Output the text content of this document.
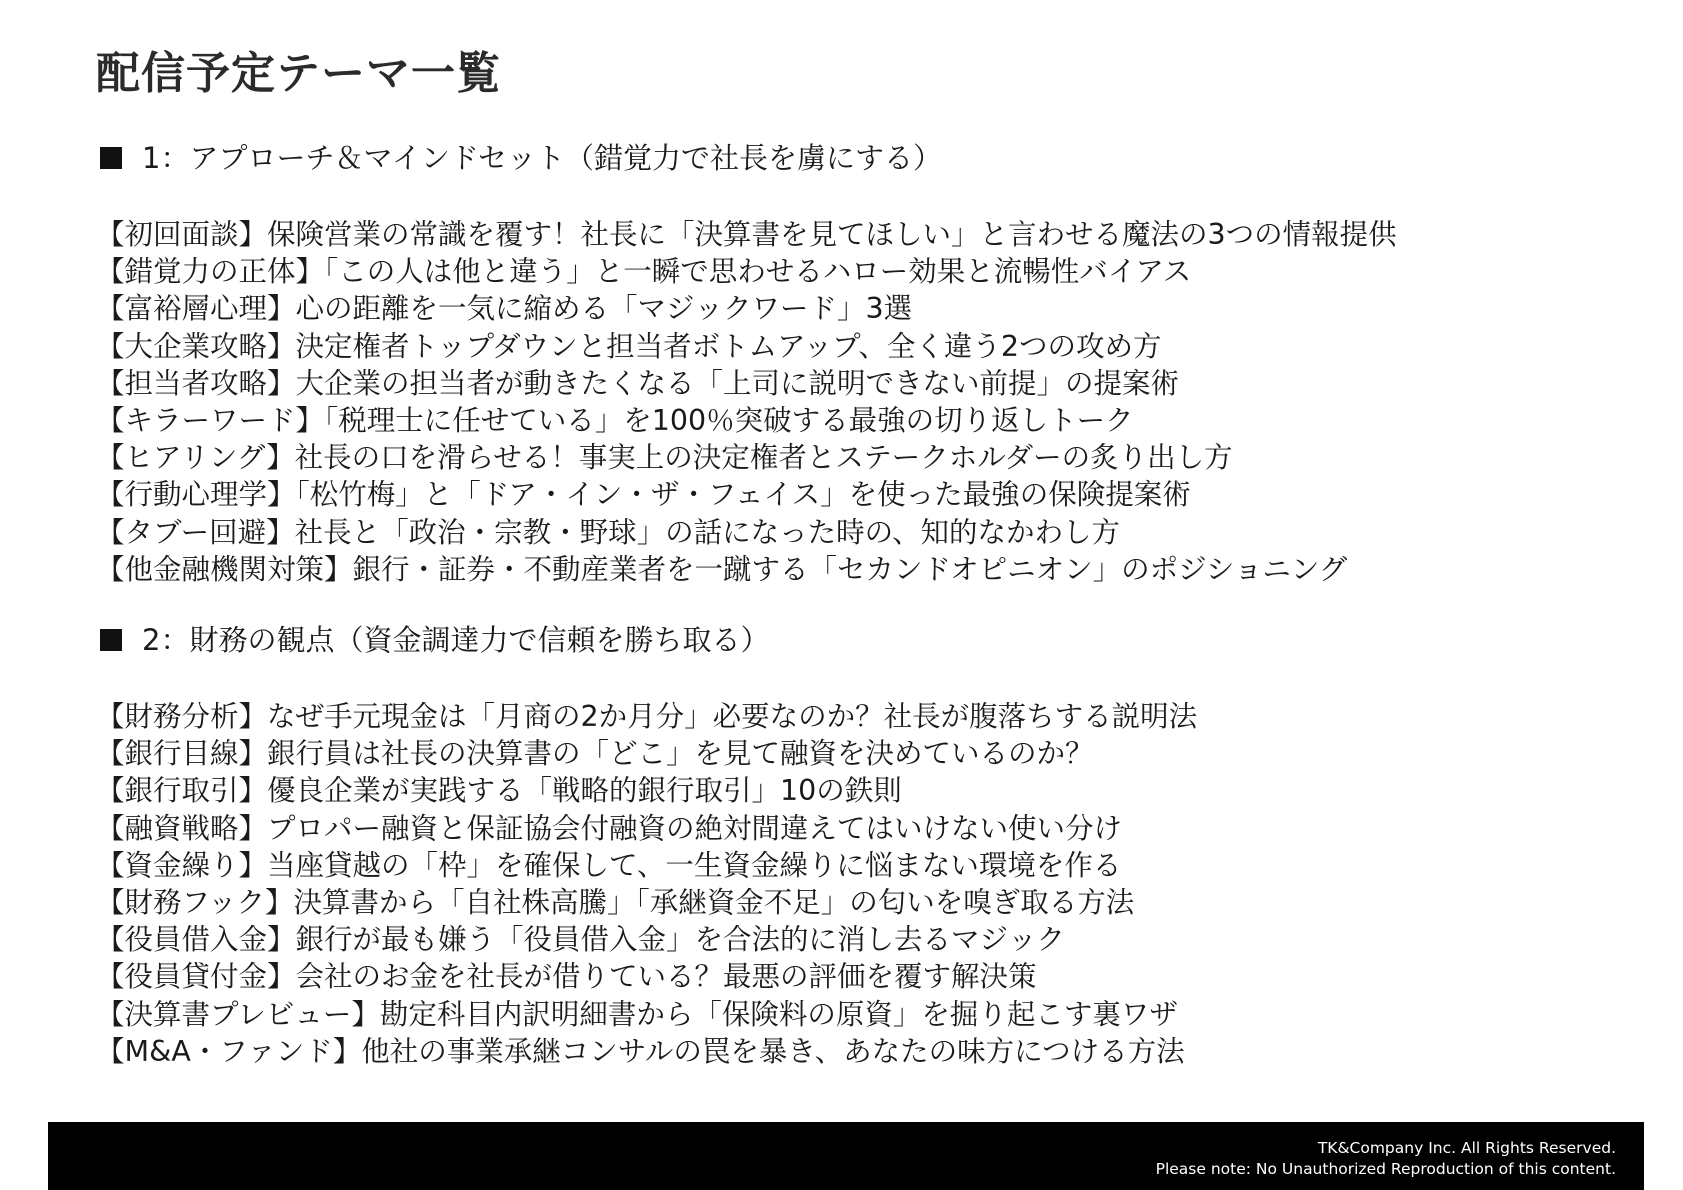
配信予定テーマ一覧
1：アプローチ＆マインドセット（錯覚力で社長を虜にする）
【初回面談】保険営業の常識を覆す！社長に「決算書を見てほしい」と言わせる魔法の3つの情報提供
【錯覚力の正体】「この人は他と違う」と一瞬で思わせるハロー効果と流暢性バイアス
【富裕層心理】心の距離を一気に縮める「マジックワード」3選
【大企業攻略】決定権者トップダウンと担当者ボトムアップ、全く違う2つの攻め方
【担当者攻略】大企業の担当者が動きたくなる「上司に説明できない前提」の提案術
【キラーワード】「税理士に任せている」を100％突破する最強の切り返しトーク
【ヒアリング】社長の口を滑らせる！事実上の決定権者とステークホルダーの炙り出し方
【行動心理学】「松竹梅」と「ドア・イン・ザ・フェイス」を使った最強の保険提案術
【タブー回避】社長と「政治・宗教・野球」の話になった時の、知的なかわし方
【他金融機関対策】銀行・証券・不動産業者を一蹴する「セカンドオピニオン」のポジショニング
2：財務の観点（資金調達力で信頼を勝ち取る）
【財務分析】なぜ手元現金は「月商の2か月分」必要なのか？社長が腹落ちする説明法
【銀行目線】銀行員は社長の決算書の「どこ」を見て融資を決めているのか？
【銀行取引】優良企業が実践する「戦略的銀行取引」10の鉄則
【融資戦略】プロパー融資と保証協会付融資の絶対間違えてはいけない使い分け
【資金繰り】当座貸越の「枠」を確保して、一生資金繰りに悩まない環境を作る
【財務フック】決算書から「自社株高騰」「承継資金不足」の匂いを嗅ぎ取る方法
【役員借入金】銀行が最も嫌う「役員借入金」を合法的に消し去るマジック
【役員貸付金】会社のお金を社長が借りている？最悪の評価を覆す解決策
【決算書プレビュー】勘定科目内訳明細書から「保険料の原資」を掘り起こす裏ワザ
【M&A・ファンド】他社の事業承継コンサルの罠を暴き、あなたの味方につける方法
TK&Company Inc. All Rights Reserved.
Please note: No Unauthorized Reproduction of this content.
